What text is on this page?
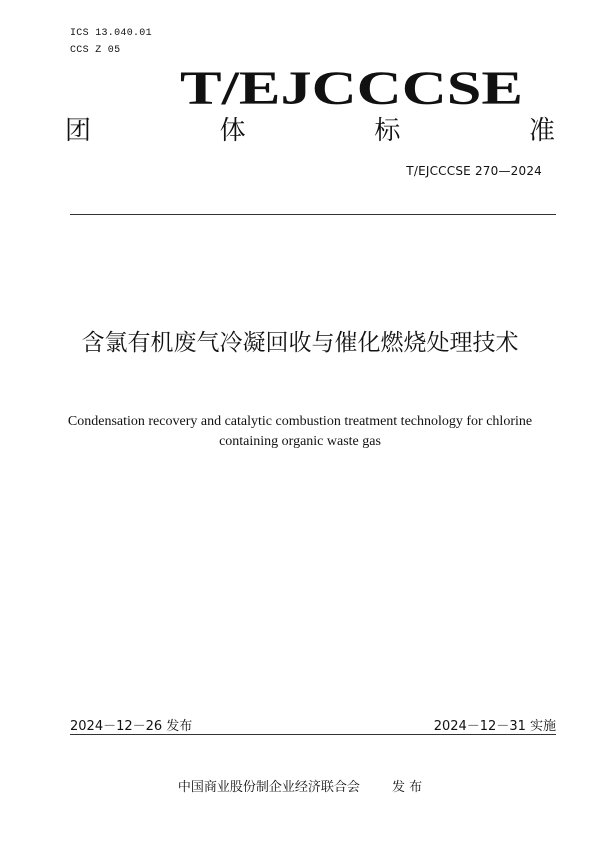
ICS 13.040.01
CCS Z 05
T/EJCCCSE
团	体	标	准
T/EJCCCSE 270—2024
含氯有机废气冷凝回收与催化燃烧处理技术
Condensation recovery and catalytic combustion treatment technology for chlorine containing organic waste gas
2024－12－26 发布	2024－12－31 实施
中国商业股份制企业经济联合会 发 布
